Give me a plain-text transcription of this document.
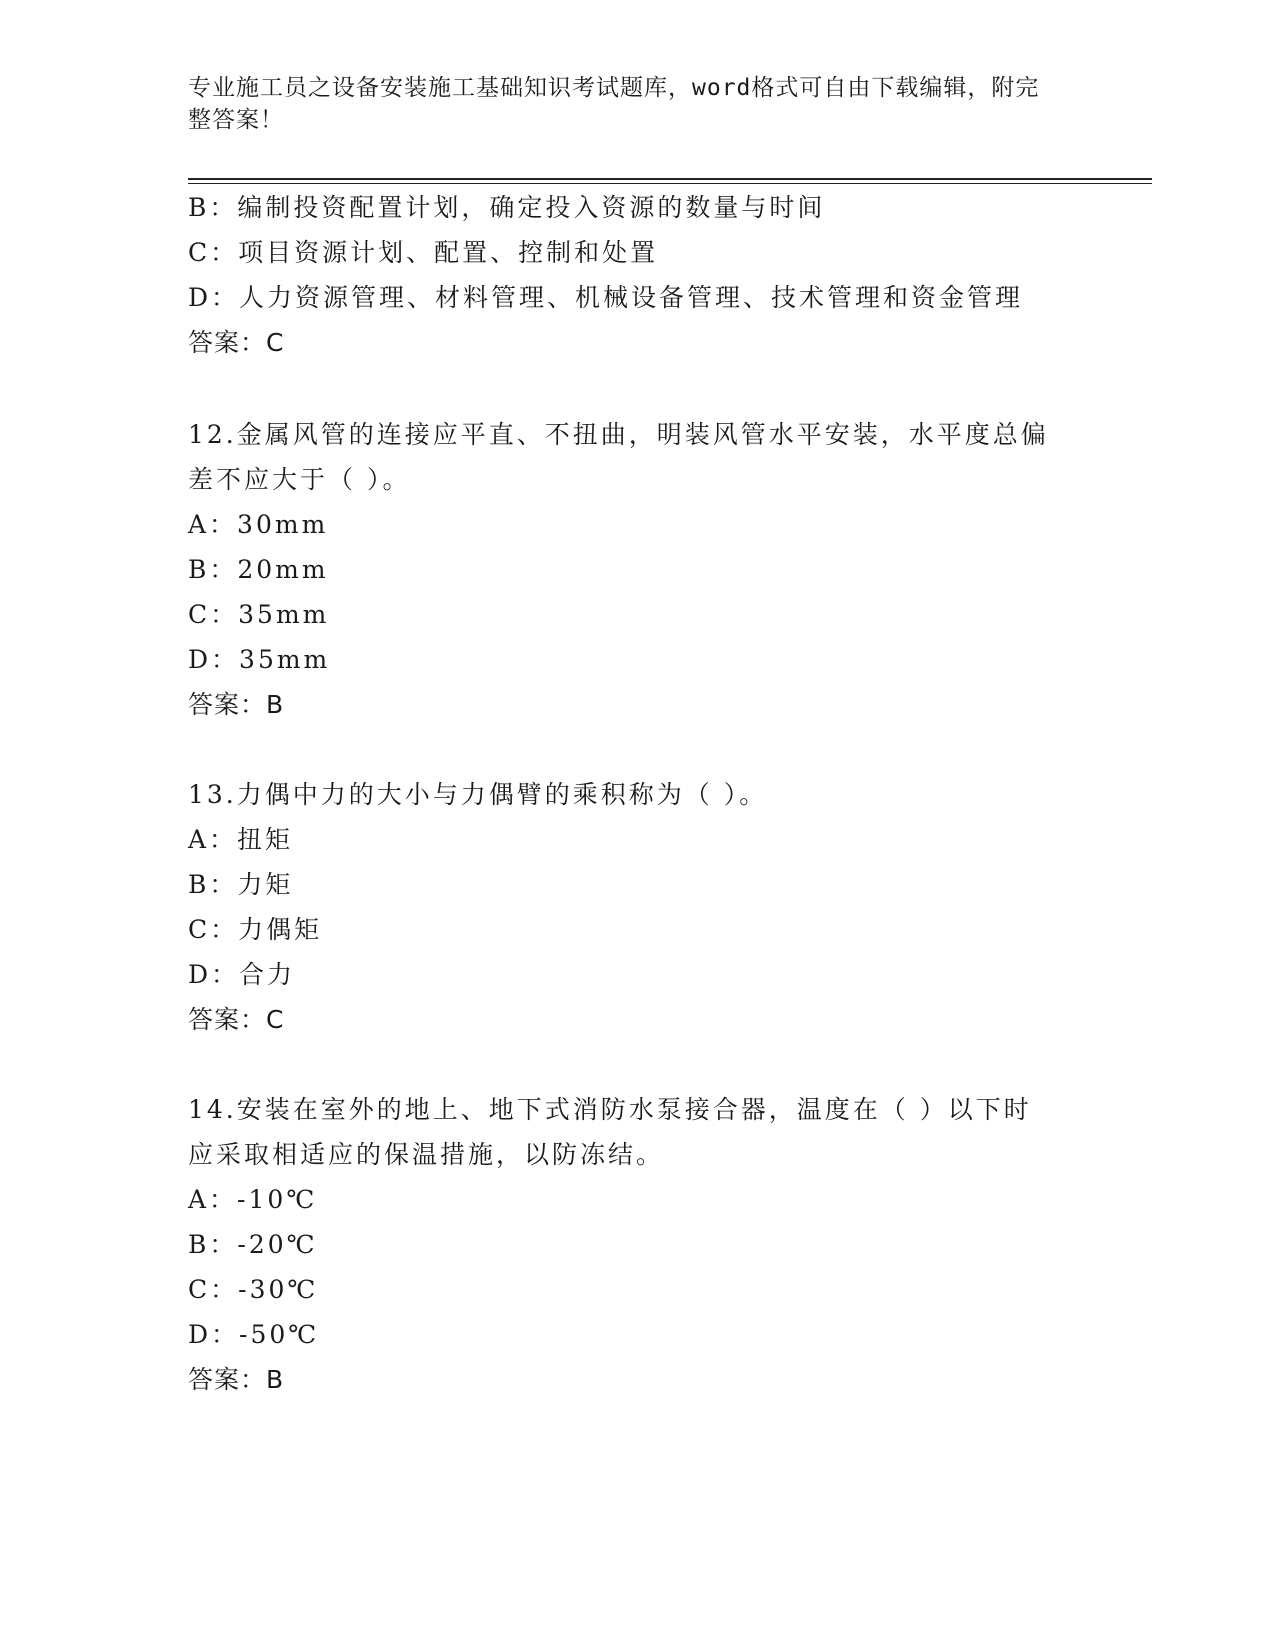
专业施工员之设备安装施工基础知识考试题库，word格式可自由下载编辑，附完
整答案！
B：编制投资配置计划，确定投入资源的数量与时间
C：项目资源计划、配置、控制和处置
D：人力资源管理、材料管理、机械设备管理、技术管理和资金管理
答案：C
12.金属风管的连接应平直、不扭曲，明装风管水平安装，水平度总偏
差不应大于（ ）。
A：30mm
B：20mm
C：35mm
D：35mm
答案：B
13.力偶中力的大小与力偶臂的乘积称为（ ）。
A：扭矩
B：力矩
C：力偶矩
D：合力
答案：C
14.安装在室外的地上、地下式消防水泵接合器，温度在（ ）以下时
应采取相适应的保温措施，以防冻结。
A：-10℃
B：-20℃
C：-30℃
D：-50℃
答案：B
